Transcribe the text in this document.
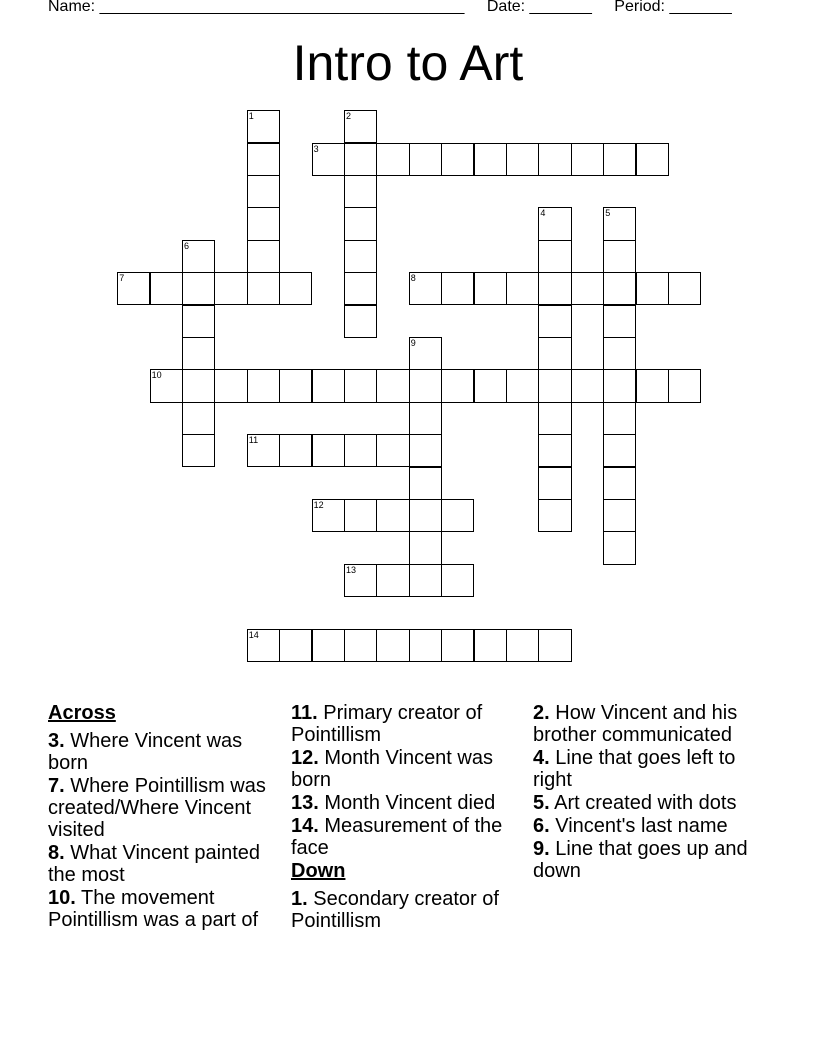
Name: _________________________________________ Date: _______ Period: _______
Intro to Art
1	2
3
4	5
6
7	8
9
10
11
12
13
14
Across
3. Where Vincent was born
7. Where Pointillism was created/Where Vincent visited
8. What Vincent painted the most
10. The movement Pointillism was a part of
11. Primary creator of Pointillism
12. Month Vincent was born
13. Month Vincent died
14. Measurement of the face
Down
1. Secondary creator of Pointillism
2. How Vincent and his brother communicated
4. Line that goes left to right
5. Art created with dots
6. Vincent's last name
9. Line that goes up and down
